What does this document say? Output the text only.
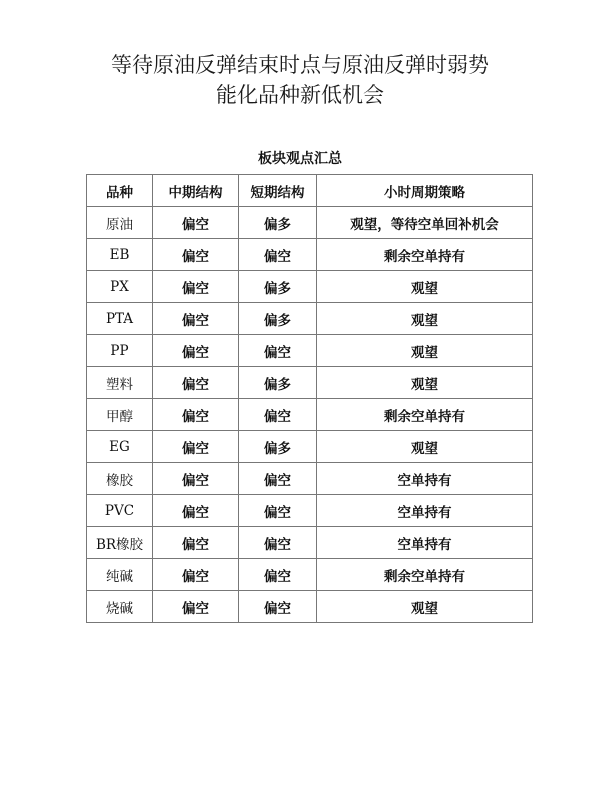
等待原油反弹结束时点与原油反弹时弱势
能化品种新低机会
板块观点汇总
品种	中期结构	短期结构	小时周期策略
原油	偏空	偏多	观望，等待空单回补机会
EB	偏空	偏空	剩余空单持有
PX	偏空	偏多	观望
PTA	偏空	偏多	观望
PP	偏空	偏空	观望
塑料	偏空	偏多	观望
甲醇	偏空	偏空	剩余空单持有
EG	偏空	偏多	观望
橡胶	偏空	偏空	空单持有
PVC	偏空	偏空	空单持有
BR橡胶	偏空	偏空	空单持有
纯碱	偏空	偏空	剩余空单持有
烧碱	偏空	偏空	观望
